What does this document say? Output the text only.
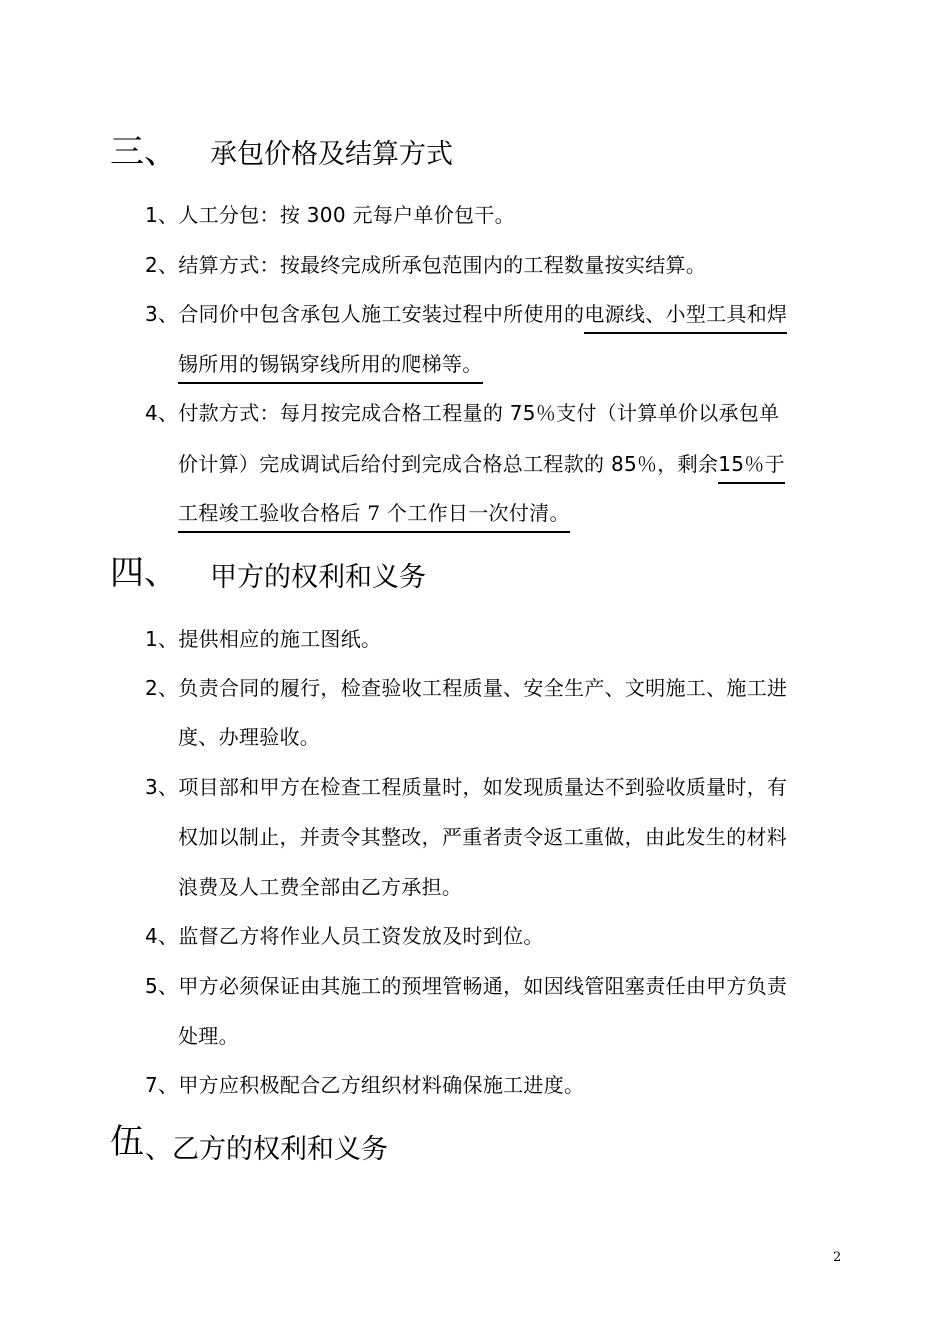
三、 承包价格及结算方式
1、人工分包：按 300 元每户单价包干。
2、结算方式：按最终完成所承包范围内的工程数量按实结算。
3、合同价中包含承包人施工安装过程中所使用的电源线、小型工具和焊
锡所用的锡锅穿线所用的爬梯等。
4、付款方式：每月按完成合格工程量的 75％支付（计算单价以承包单
价计算）完成调试后给付到完成合格总工程款的 85％，剩余15％于
工程竣工验收合格后 7 个工作日一次付清。
四、 甲方的权利和义务
1、提供相应的施工图纸。
2、负责合同的履行，检查验收工程质量、安全生产、文明施工、施工进
度、办理验收。
3、项目部和甲方在检查工程质量时，如发现质量达不到验收质量时，有
权加以制止，并责令其整改，严重者责令返工重做，由此发生的材料
浪费及人工费全部由乙方承担。
4、监督乙方将作业人员工资发放及时到位。
5、甲方必须保证由其施工的预埋管畅通，如因线管阻塞责任由甲方负责
处理。
7、甲方应积极配合乙方组织材料确保施工进度。
伍 、乙方的权利和义务
2
